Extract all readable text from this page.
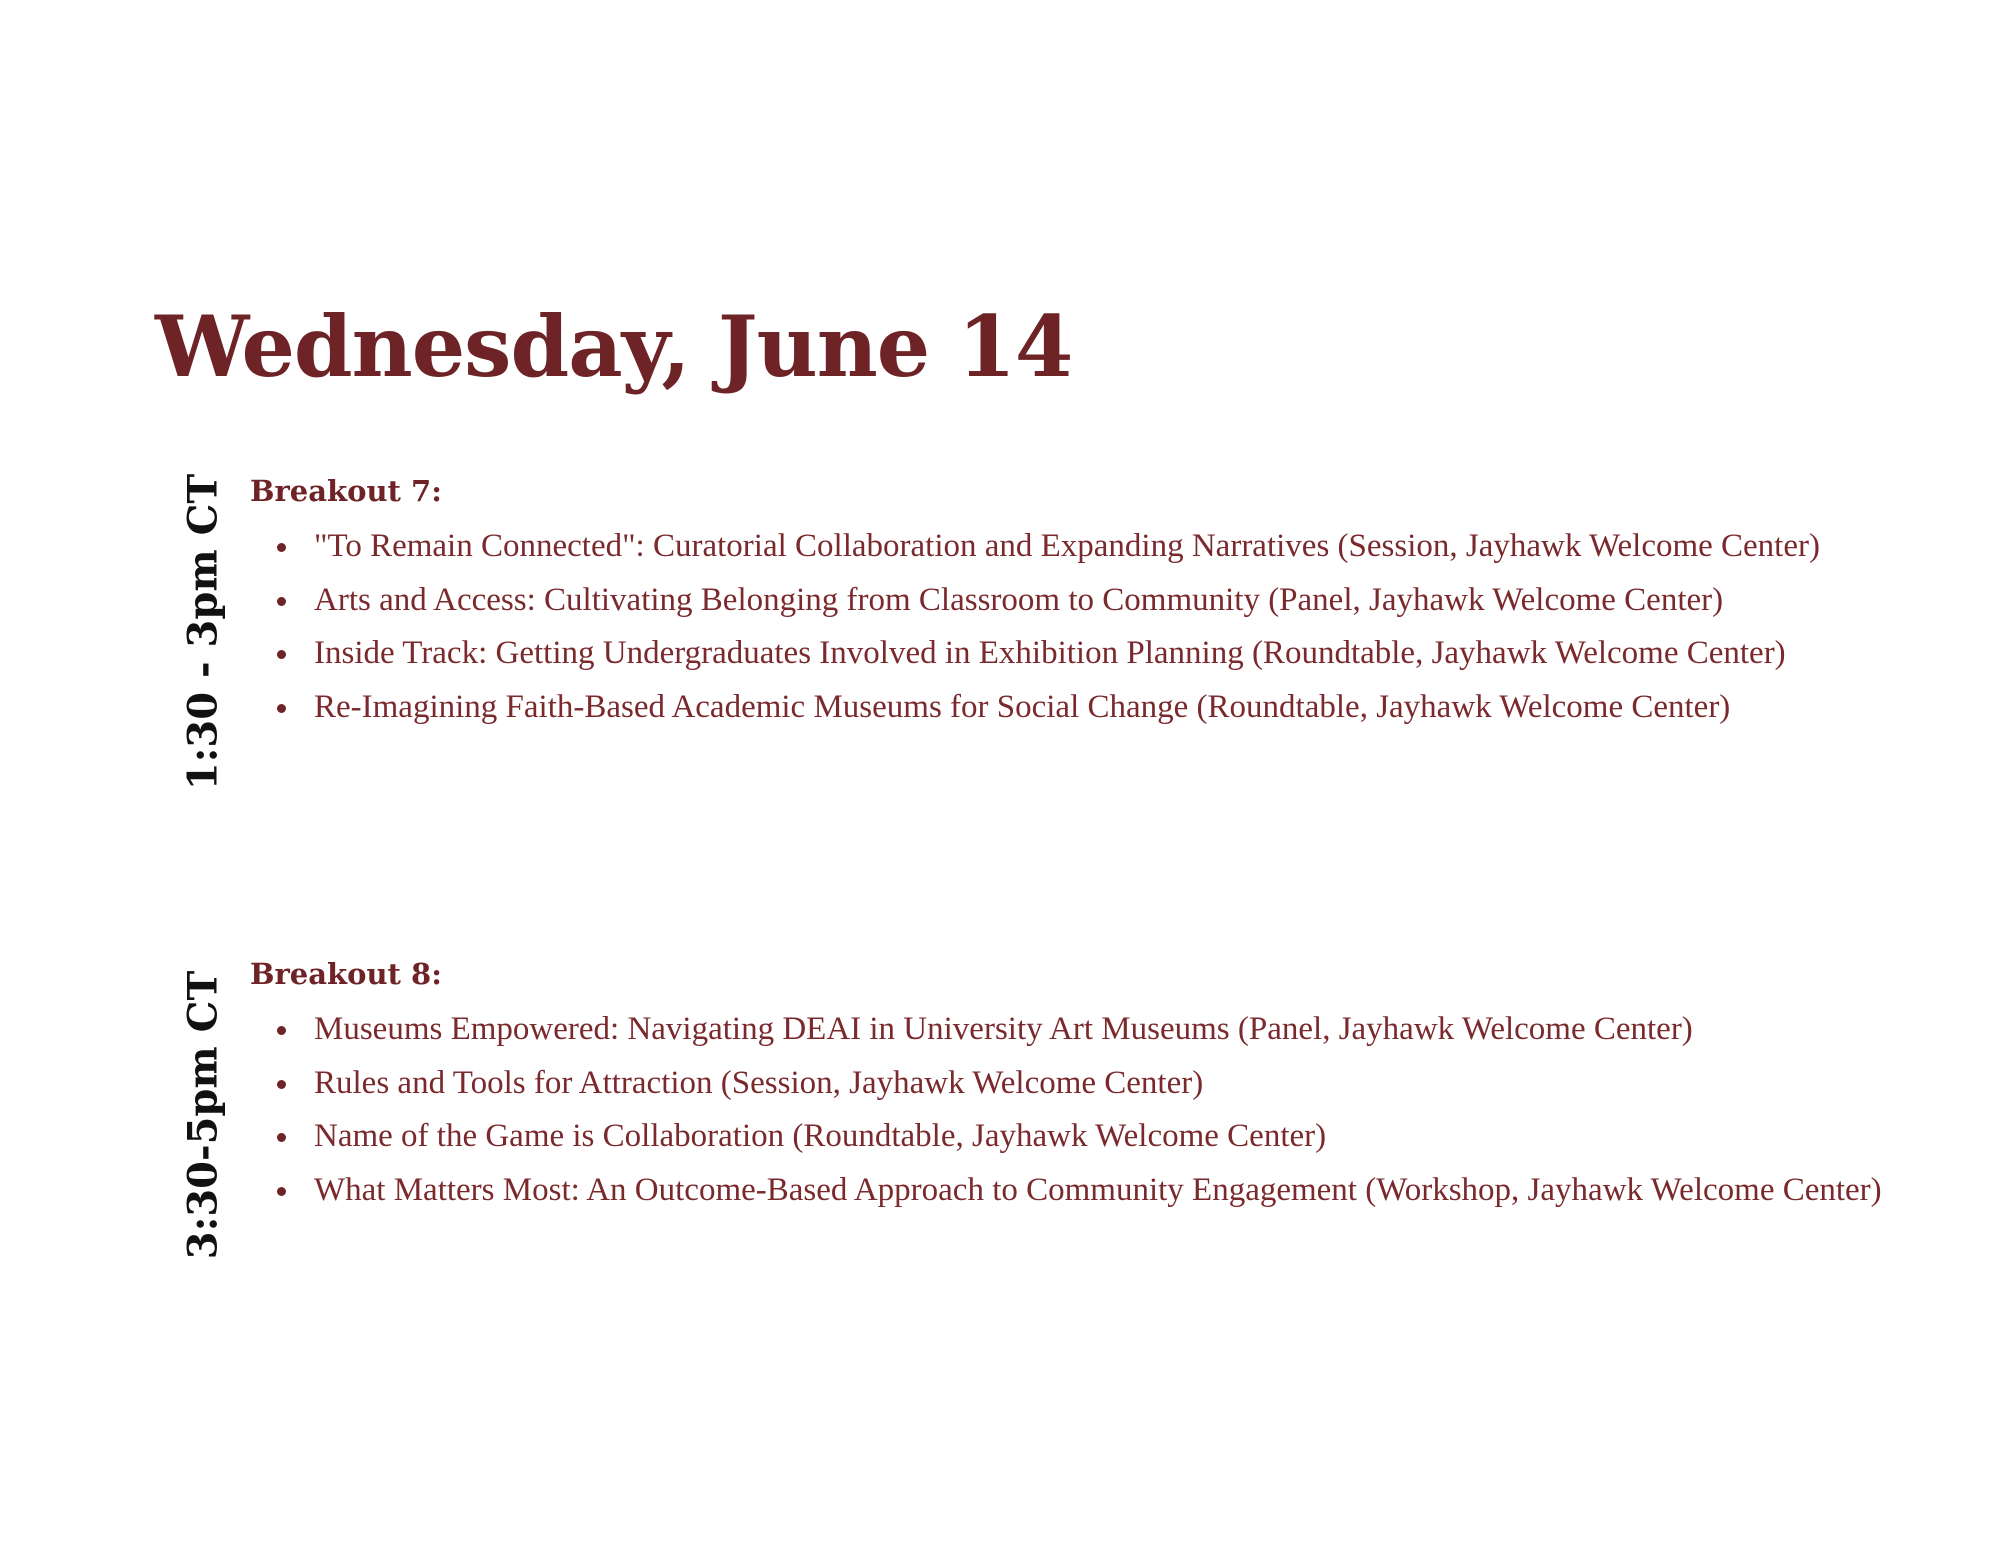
Wednesday, June 14
1:30 - 3pm CT Breakout 7:
"To Remain Connected": Curatorial Collaboration and Expanding Narratives (Session, Jayhawk Welcome Center)
Arts and Access: Cultivating Belonging from Classroom to Community (Panel, Jayhawk Welcome Center)
Inside Track: Getting Undergraduates Involved in Exhibition Planning (Roundtable, Jayhawk Welcome Center)
Re-Imagining Faith-Based Academic Museums for Social Change (Roundtable, Jayhawk Welcome Center)
3:30-5pm CT Breakout 8:
Museums Empowered: Navigating DEAI in University Art Museums (Panel, Jayhawk Welcome Center)
Rules and Tools for Attraction (Session, Jayhawk Welcome Center)
Name of the Game is Collaboration (Roundtable, Jayhawk Welcome Center)
What Matters Most: An Outcome-Based Approach to Community Engagement (Workshop, Jayhawk Welcome Center)
